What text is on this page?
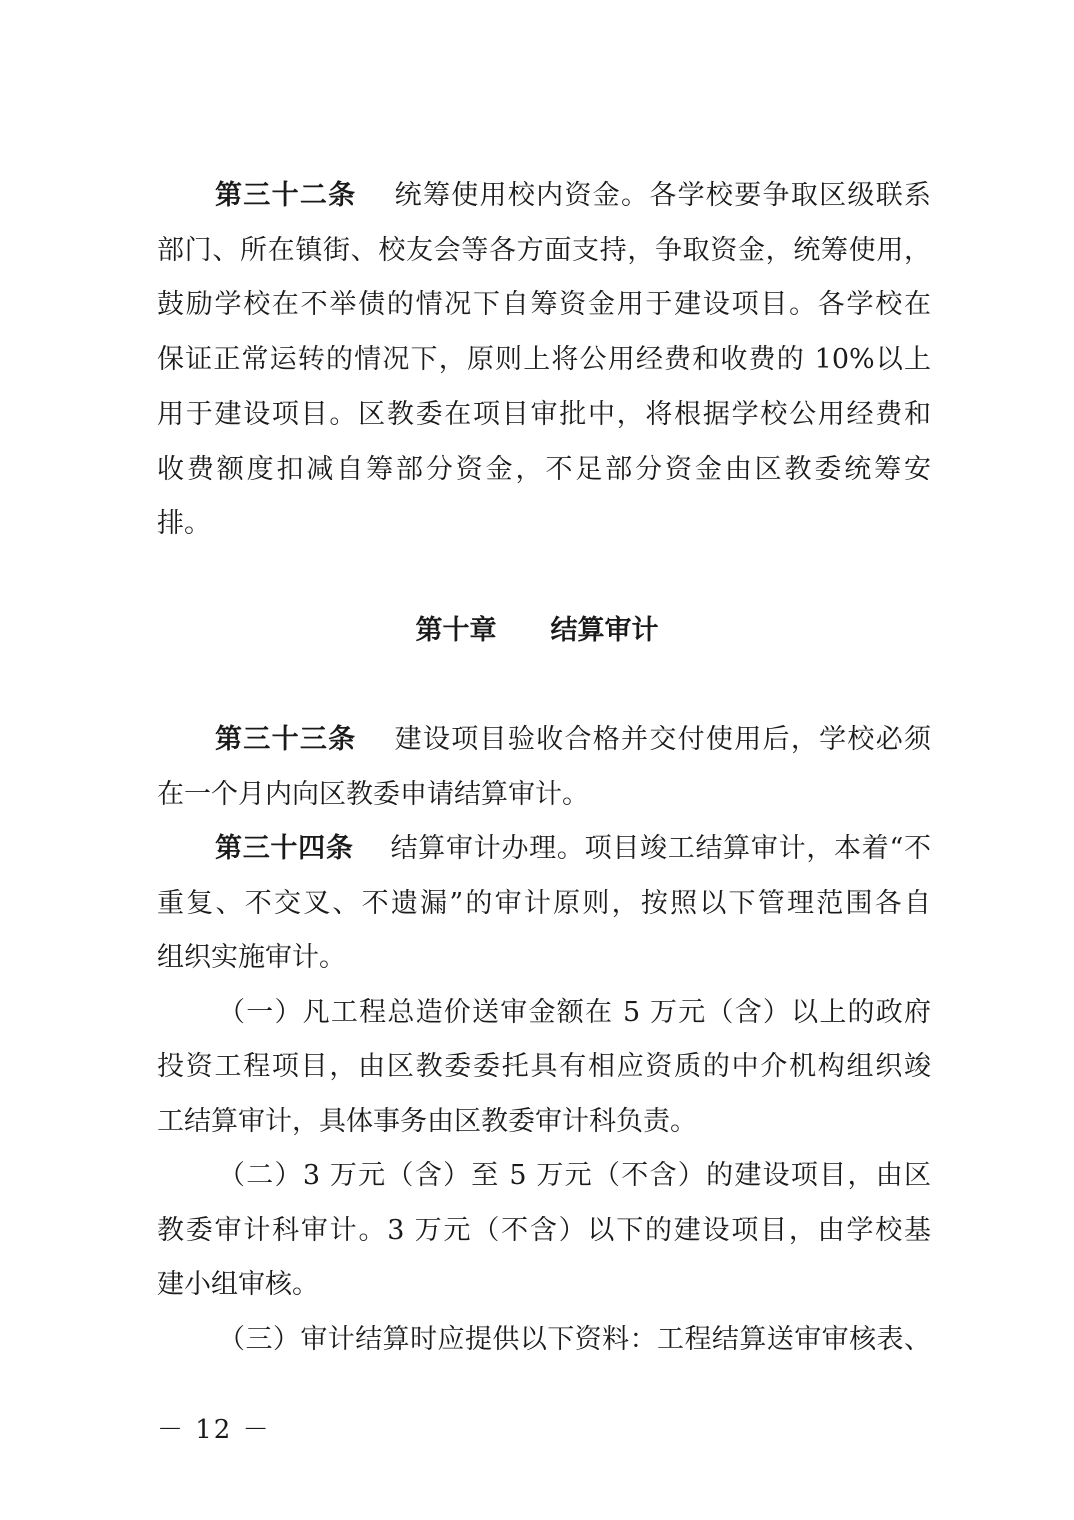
第三十二条　 统筹使用校内资金。各学校要争取区级联系
部门、所在镇街、校友会等各方面支持，争取资金，统筹使用，
鼓励学校在不举债的情况下自筹资金用于建设项目。各学校在
保证正常运转的情况下，原则上将公用经费和收费的 10%以上
用于建设项目。区教委在项目审批中，将根据学校公用经费和
收费额度扣减自筹部分资金，不足部分资金由区教委统筹安
排。
第十章　　结算审计
第三十三条　 建设项目验收合格并交付使用后，学校必须
在一个月内向区教委申请结算审计。
第三十四条　 结算审计办理。项目竣工结算审计，本着“不
重复、不交叉、不遗漏”的审计原则，按照以下管理范围各自
组织实施审计。
（一）凡工程总造价送审金额在 5 万元（含）以上的政府
投资工程项目，由区教委委托具有相应资质的中介机构组织竣
工结算审计，具体事务由区教委审计科负责。
（二）3 万元（含）至 5 万元（不含）的建设项目，由区
教委审计科审计。3 万元（不含）以下的建设项目，由学校基
建小组审核。
（三）审计结算时应提供以下资料：工程结算送审审核表、
－ 12 －
